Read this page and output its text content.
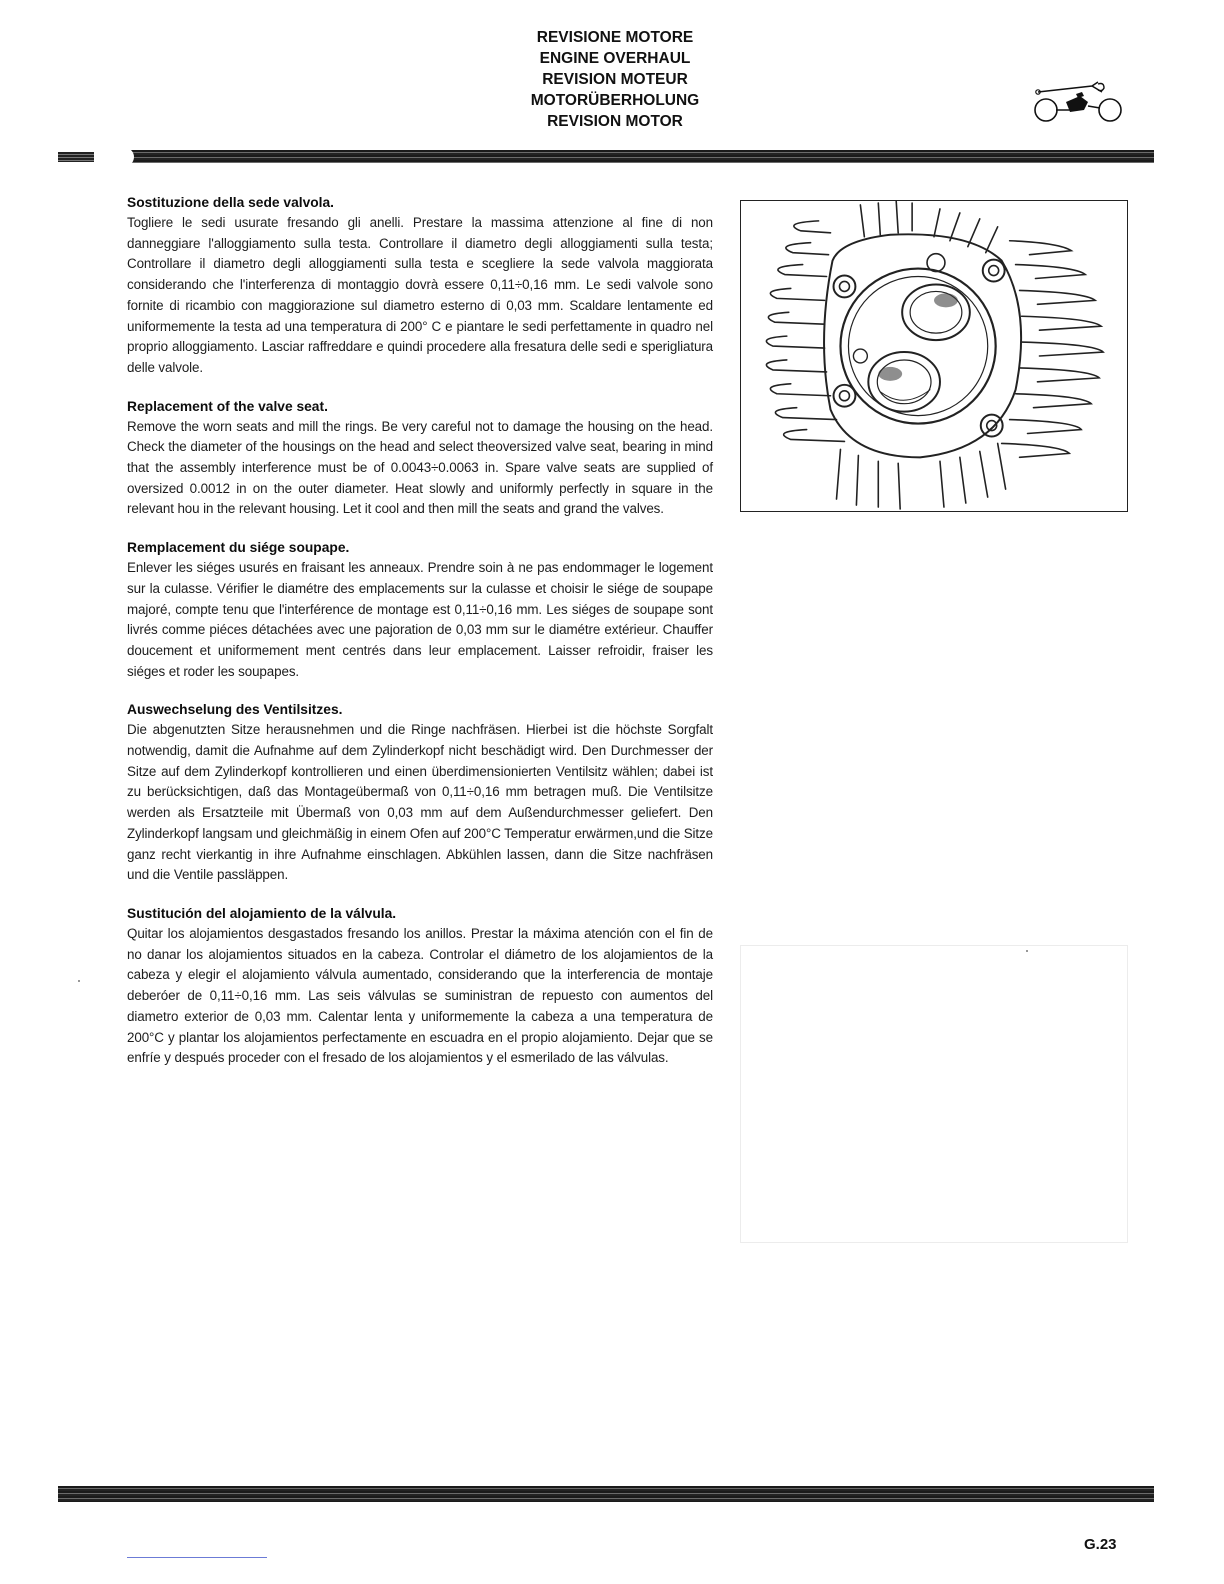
REVISIONE MOTORE
ENGINE OVERHAUL
REVISION MOTEUR
MOTORÜBERHOLUNG
REVISION MOTOR
Sostituzione della sede valvola.

Togliere le sedi usurate fresando gli anelli. Prestare la massima attenzione al fine di non danneggiare l'alloggiamento sulla testa. Controllare il diametro degli alloggiamenti sulla testa; Controllare il diametro degli alloggiamenti sulla testa e scegliere la sede valvola maggiorata considerando che l'interferenza di montaggio dovrà essere 0,11÷0,16 mm. Le sedi valvole sono fornite di ricambio con maggiorazione sul diametro esterno di 0,03 mm. Scaldare lentamente ed uniformemente la testa ad una temperatura di 200° C e piantare le sedi perfettamente in quadro nel proprio alloggiamento. Lasciar raffreddare e quindi procedere alla fresatura delle sedi e sperigliatura delle valvole.

Replacement of the valve seat.

Remove the worn seats and mill the rings. Be very careful not to damage the housing on the head. Check the diameter of the housings on the head and select theoversized valve seat, bearing in mind that the assembly interference must be of 0.0043÷0.0063 in. Spare valve seats are supplied of oversized 0.0012 in on the outer diameter. Heat slowly and uniformly perfectly in square in the relevant hou in the relevant housing. Let it cool and then mill the seats and grand the valves.

Remplacement du siége soupape.

Enlever les siéges usurés en fraisant les anneaux. Prendre soin à ne pas endommager le logement sur la culasse. Vérifier le diamétre des emplacements sur la culasse et choisir le siége de soupape majoré, compte tenu que l'interférence de montage est 0,11÷0,16 mm. Les siéges de soupape sont livrés comme piéces détachées avec une pajoration de 0,03 mm sur le diamétre extérieur. Chauffer doucement et uniformement ment centrés dans leur emplacement. Laisser refroidir, fraiser les siéges et roder les soupapes.

Auswechselung des Ventilsitzes.

Die abgenutzten Sitze herausnehmen und die Ringe nachfräsen. Hierbei ist die höchste Sorgfalt notwendig, damit die Aufnahme auf dem Zylinderkopf nicht beschädigt wird. Den Durchmesser der Sitze auf dem Zylinderkopf kontrollieren und einen überdimensionierten Ventilsitz wählen; dabei ist zu berücksichtigen, daß das Montageübermaß von 0,11÷0,16 mm betragen muß. Die Ventilsitze werden als Ersatzteile mit Übermaß von 0,03 mm auf dem Außendurchmesser geliefert. Den Zylinderkopf langsam und gleichmäßig in einem Ofen auf 200°C Temperatur erwärmen,und die Sitze ganz recht vierkantig in ihre Aufnahme einschlagen. Abkühlen lassen, dann die Sitze nachfräsen und die Ventile passläppen.

Sustitución del alojamiento de la válvula.

Quitar los alojamientos desgastados fresando los anillos. Prestar la máxima atención con el fin de no danar los alojamientos situados en la cabeza. Controlar el diámetro de los alojamientos de la cabeza y elegir el alojamiento válvula aumentado, considerando que la interferencia de montaje deberóer de 0,11÷0,16 mm. Las seis válvulas se suministran de repuesto con aumentos del diametro exterior de 0,03 mm. Calentar lenta y uniformemente la cabeza a una temperatura de 200°C y plantar los alojamientos perfectamente en escuadra en el propio alojamiento. Dejar que se enfríe y después proceder con el fresado de los alojamientos y el esmerilado de las válvulas.

G.23
